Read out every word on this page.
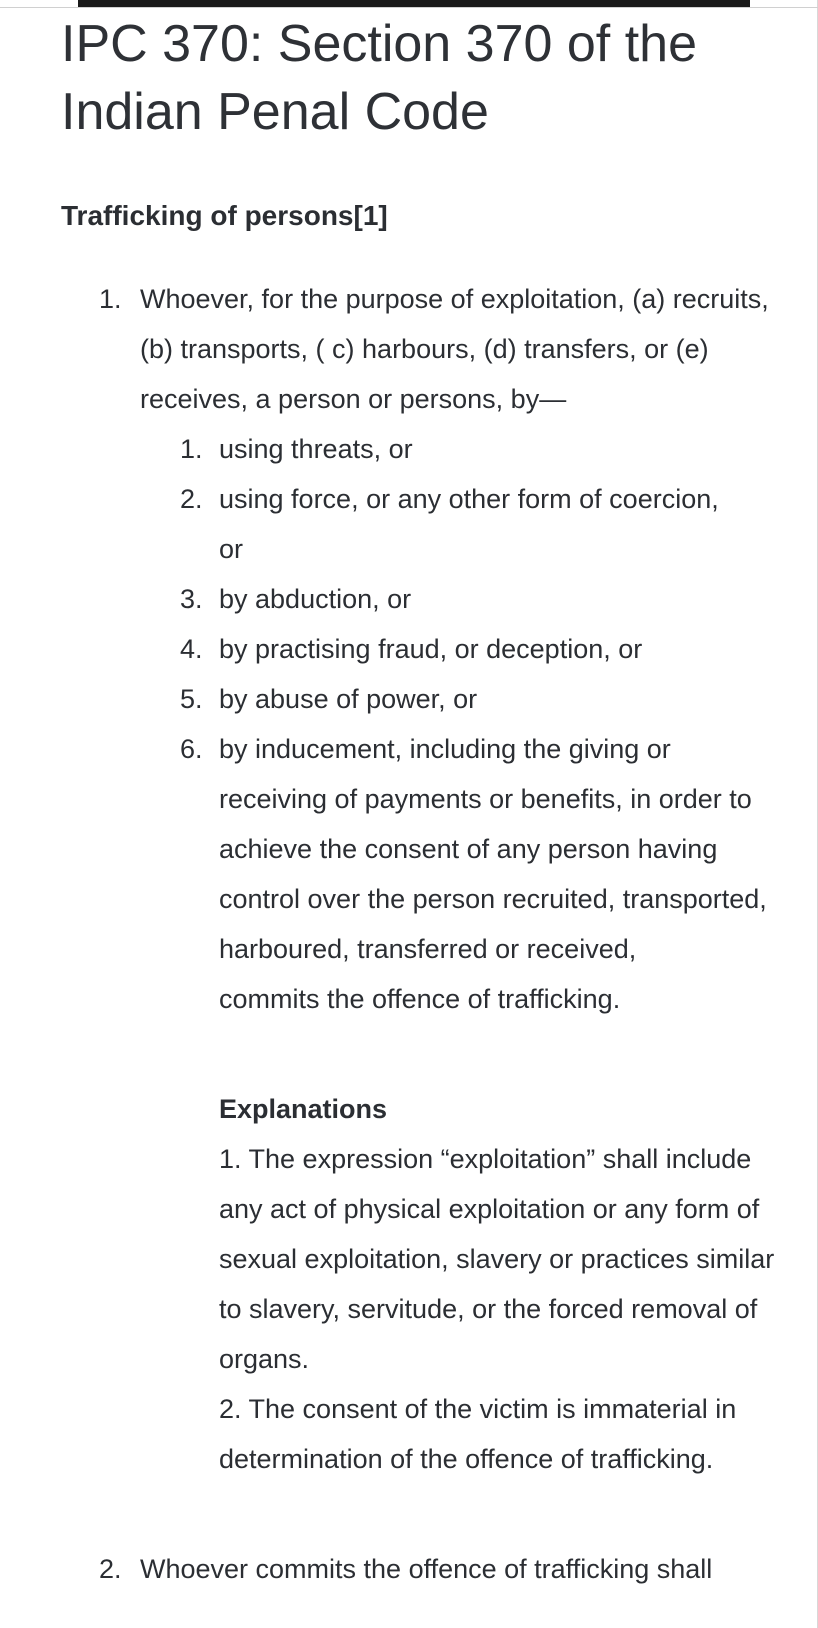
IPC 370: Section 370 of the Indian Penal Code
Trafficking of persons[1]
1. Whoever, for the purpose of exploitation, (a) recruits, (b) transports, ( c) harbours, (d) transfers, or (e) receives, a person or persons, by—
1. using threats, or
2. using force, or any other form of coercion, or
3. by abduction, or
4. by practising fraud, or deception, or
5. by abuse of power, or
6. by inducement, including the giving or receiving of payments or benefits, in order to achieve the consent of any person having control over the person recruited, transported, harboured, transferred or received,
commits the offence of trafficking.
Explanations
1. The expression “exploitation” shall include any act of physical exploitation or any form of sexual exploitation, slavery or practices similar to slavery, servitude, or the forced removal of organs.
2. The consent of the victim is immaterial in determination of the offence of trafficking.
2. Whoever commits the offence of trafficking shall
